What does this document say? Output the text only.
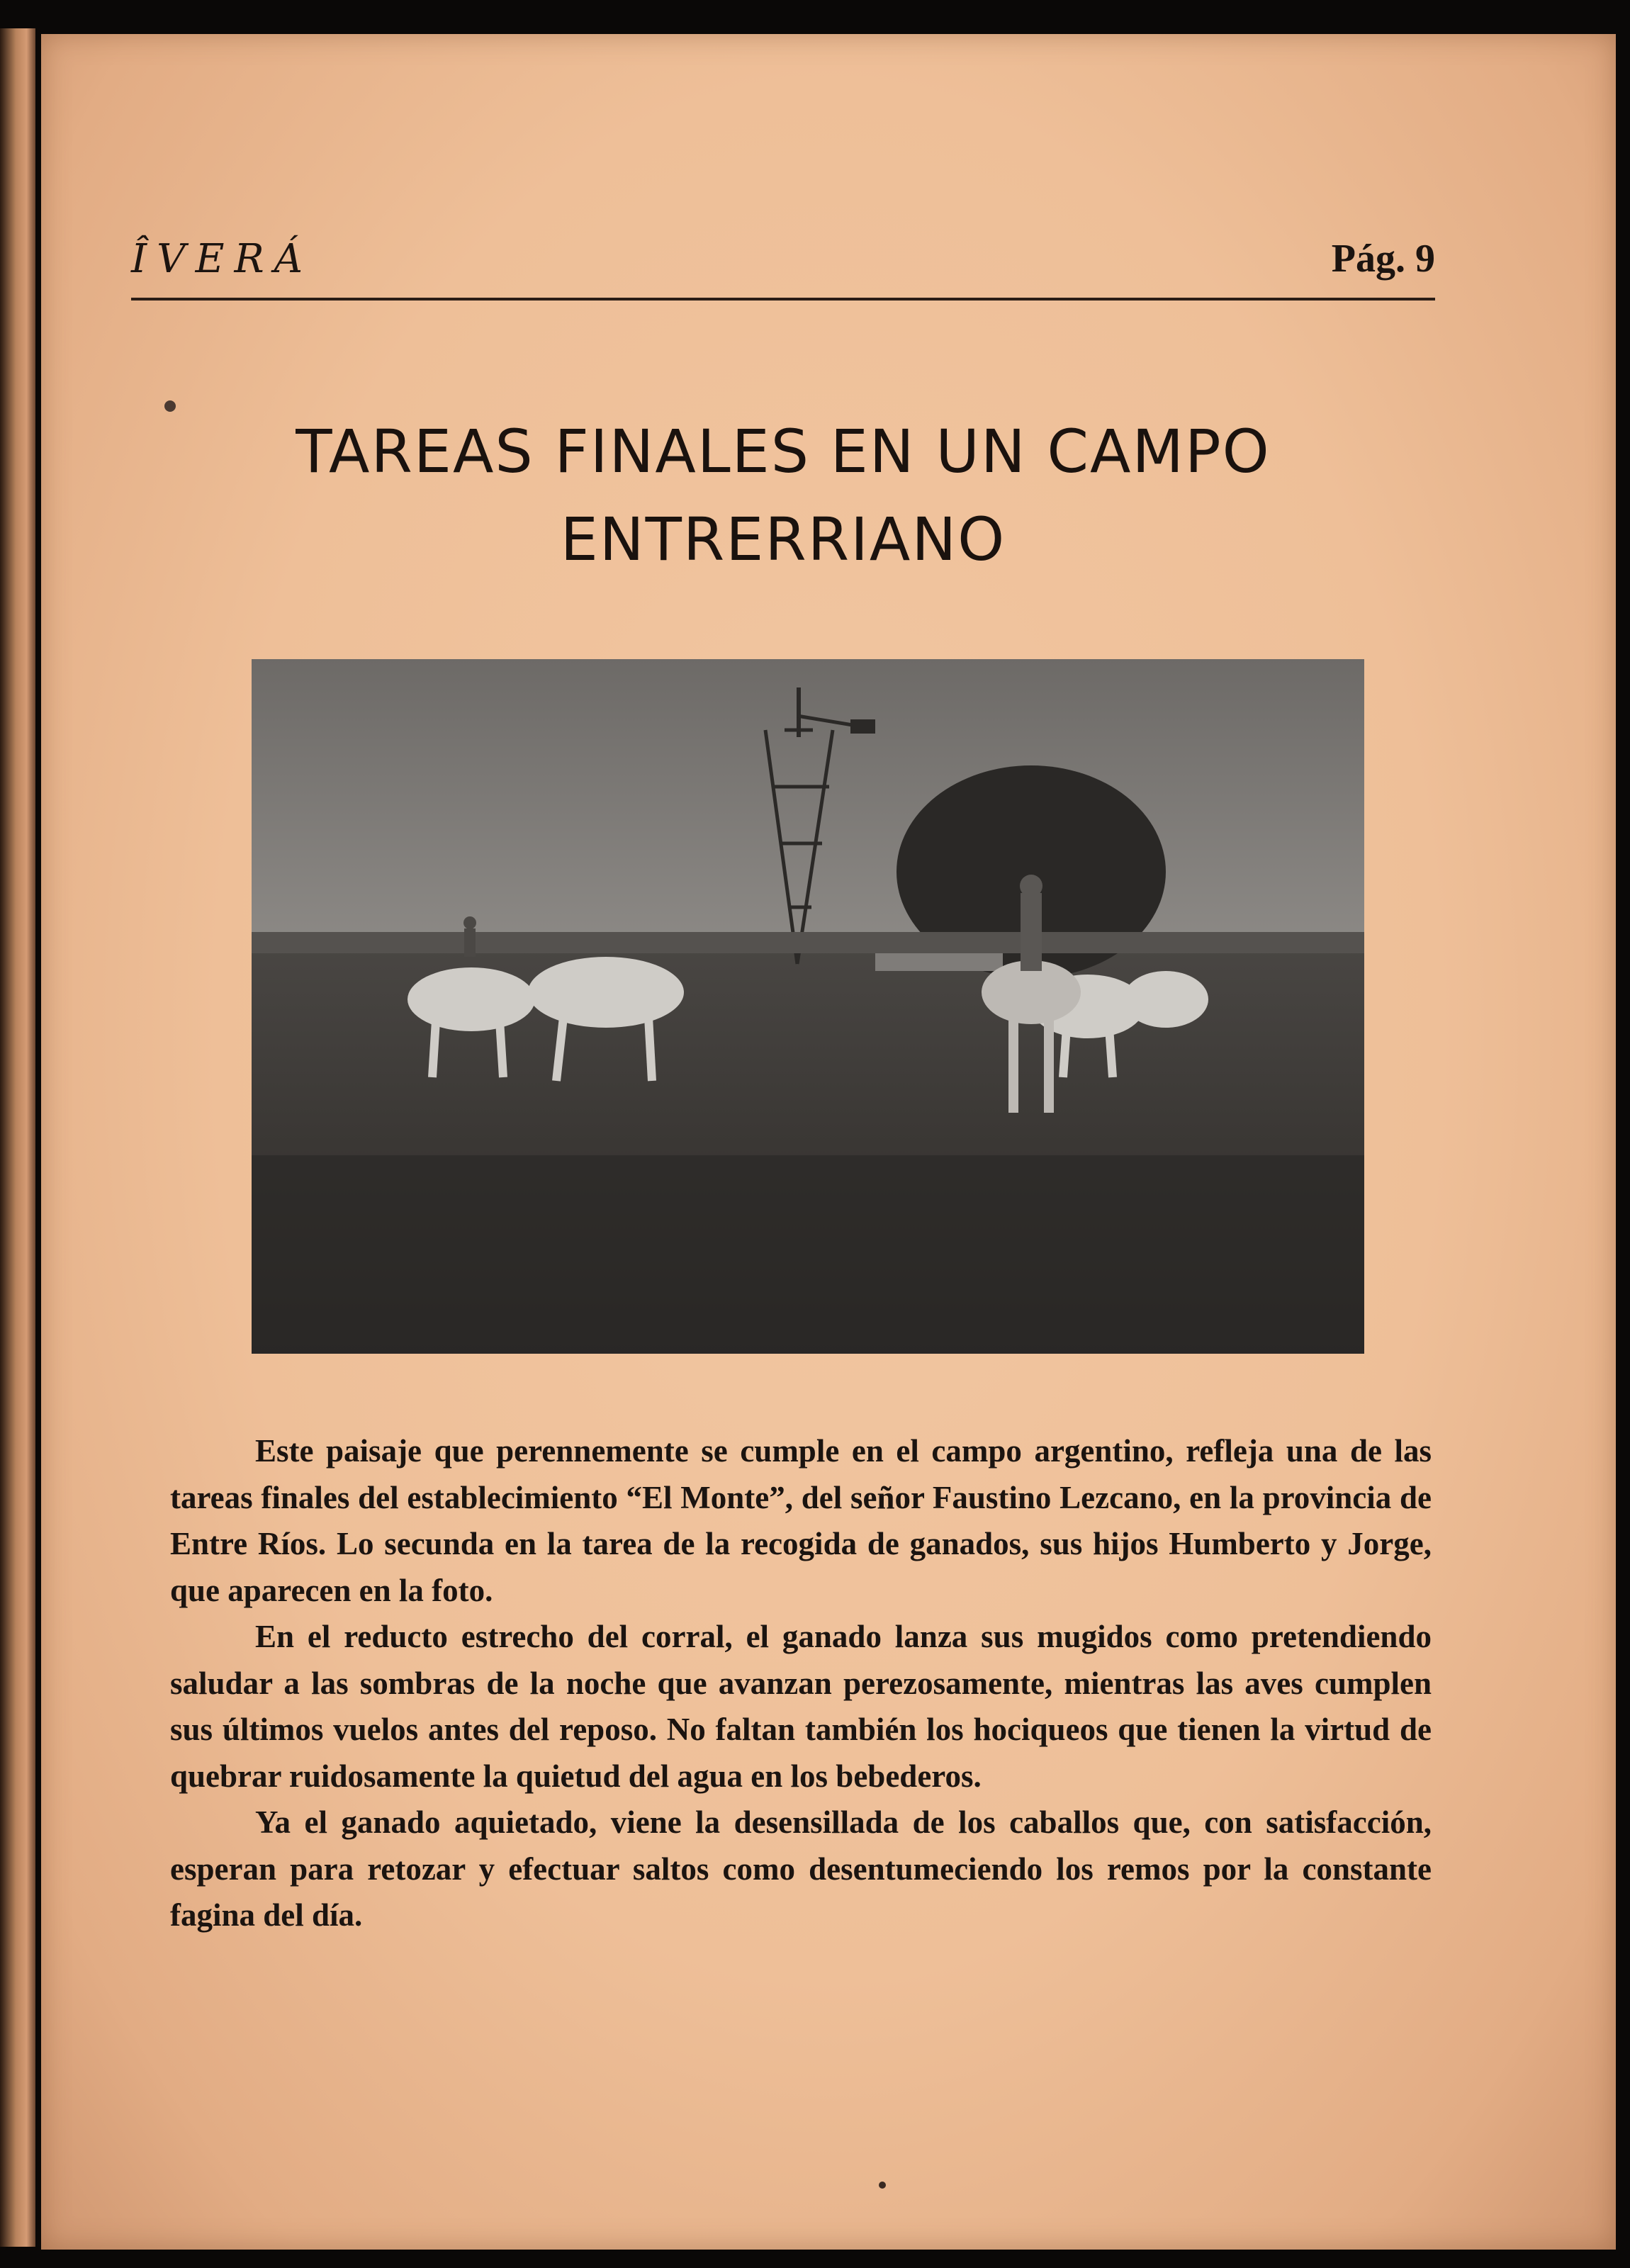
ÎVERÁ	Pág. 9
TAREAS FINALES EN UN CAMPO ENTRERRIANO

Este paisaje que perennemente se cumple en el campo argentino, refleja una de las tareas finales del establecimiento “El Monte”, del señor Faustino Lezcano, en la provincia de Entre Ríos. Lo secunda en la tarea de la recogida de ganados, sus hijos Humberto y Jorge, que aparecen en la foto.

En el reducto estrecho del corral, el ganado lanza sus mugidos como pretendiendo saludar a las sombras de la noche que avanzan perezosamente, mientras las aves cumplen sus últimos vuelos antes del reposo. No faltan también los hociqueos que tienen la virtud de quebrar ruidosamente la quietud del agua en los bebederos.

Ya el ganado aquietado, viene la desensillada de los caballos que, con satisfacción, esperan para retozar y efectuar saltos como desentumeciendo los remos por la constante fagina del día.
